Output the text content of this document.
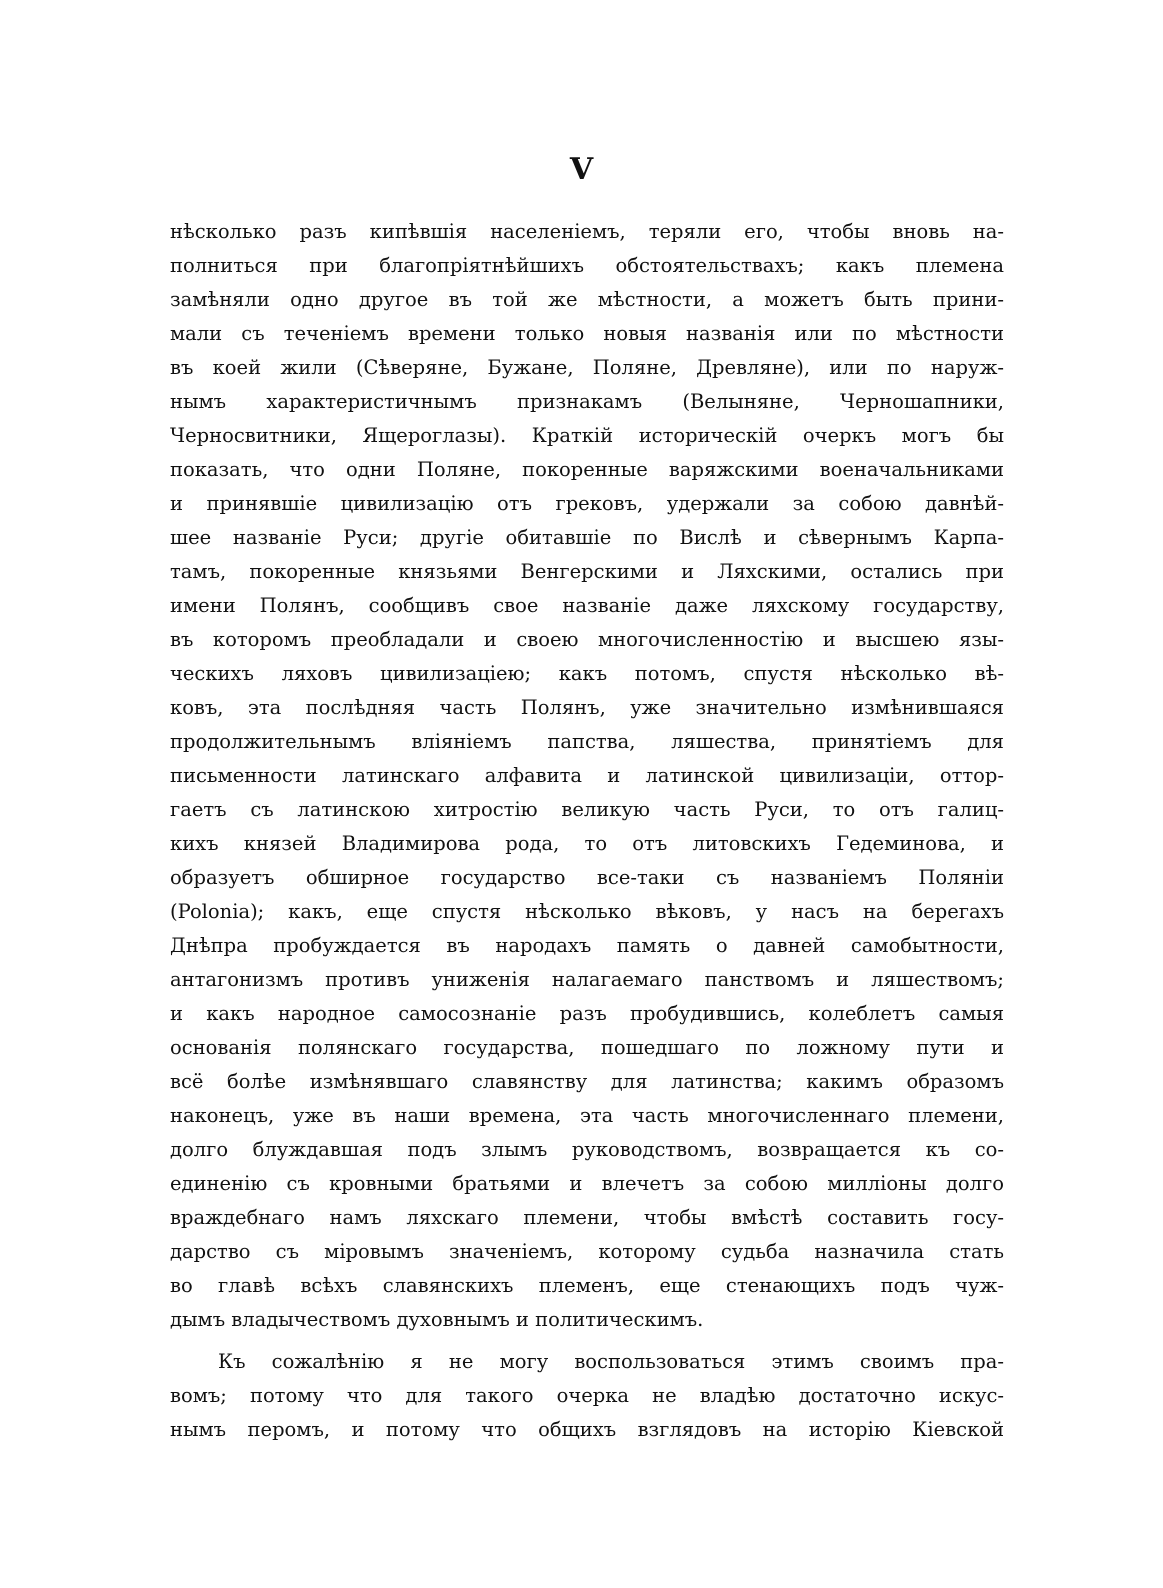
V
нѣсколько разъ кипѣвшія населеніемъ, теряли его, чтобы вновь на-
полниться при благопріятнѣйшихъ обстоятельствахъ; какъ племена
замѣняли одно другое въ той же мѣстности, а можетъ быть прини-
мали съ теченіемъ времени только новыя названія или по мѣстности
въ коей жили (Сѣверяне, Бужане, Поляне, Древляне), или по наруж-
нымъ характеристичнымъ признакамъ (Велыняне, Черношапники,
Черносвитники, Ящероглазы). Краткій историческій очеркъ могъ бы
показать, что одни Поляне, покоренные варяжскими военачальниками
и принявшіе цивилизацію отъ грековъ, удержали за собою давнѣй-
шее названіе Руси; другіе обитавшіе по Вислѣ и сѣвернымъ Карпа-
тамъ, покоренные князьями Венгерскими и Ляхскими, остались при
имени Полянъ, сообщивъ свое названіе даже ляхскому государству,
въ которомъ преобладали и своею многочисленностію и высшею язы-
ческихъ ляховъ цивилизаціею; какъ потомъ, спустя нѣсколько вѣ-
ковъ, эта послѣдняя часть Полянъ, уже значительно измѣнившаяся
продолжительнымъ вліяніемъ папства, ляшества, принятіемъ для
письменности латинскаго алфавита и латинской цивилизаціи, оттор-
гаетъ съ латинскою хитростію великую часть Руси, то отъ галиц-
кихъ князей Владимирова рода, то отъ литовскихъ Гедеминова, и
образуетъ обширное государство все-таки съ названіемъ Поляніи
(Polonia); какъ, еще спустя нѣсколько вѣковъ, у насъ на берегахъ
Днѣпра пробуждается въ народахъ память о давней самобытности,
антагонизмъ противъ униженія налагаемаго панствомъ и ляшествомъ;
и какъ народное самосознаніе разъ пробудившись, колеблетъ самыя
основанія полянскаго государства, пошедшаго по ложному пути и
всё болѣе измѣнявшаго славянству для латинства; какимъ образомъ
наконецъ, уже въ наши времена, эта часть многочисленнаго племени,
долго блуждавшая подъ злымъ руководствомъ, возвращается къ со-
единенію съ кровными братьями и влечетъ за собою милліоны долго
враждебнаго намъ ляхскаго племени, чтобы вмѣстѣ составить госу-
дарство съ міровымъ значеніемъ, которому судьба назначила стать
во главѣ всѣхъ славянскихъ племенъ, еще стенающихъ подъ чуж-
дымъ владычествомъ духовнымъ и политическимъ.
Къ сожалѣнію я не могу воспользоваться этимъ своимъ пра-
вомъ; потому что для такого очерка не владѣю достаточно искус-
нымъ перомъ, и потому что общихъ взглядовъ на исторію Кіевской
